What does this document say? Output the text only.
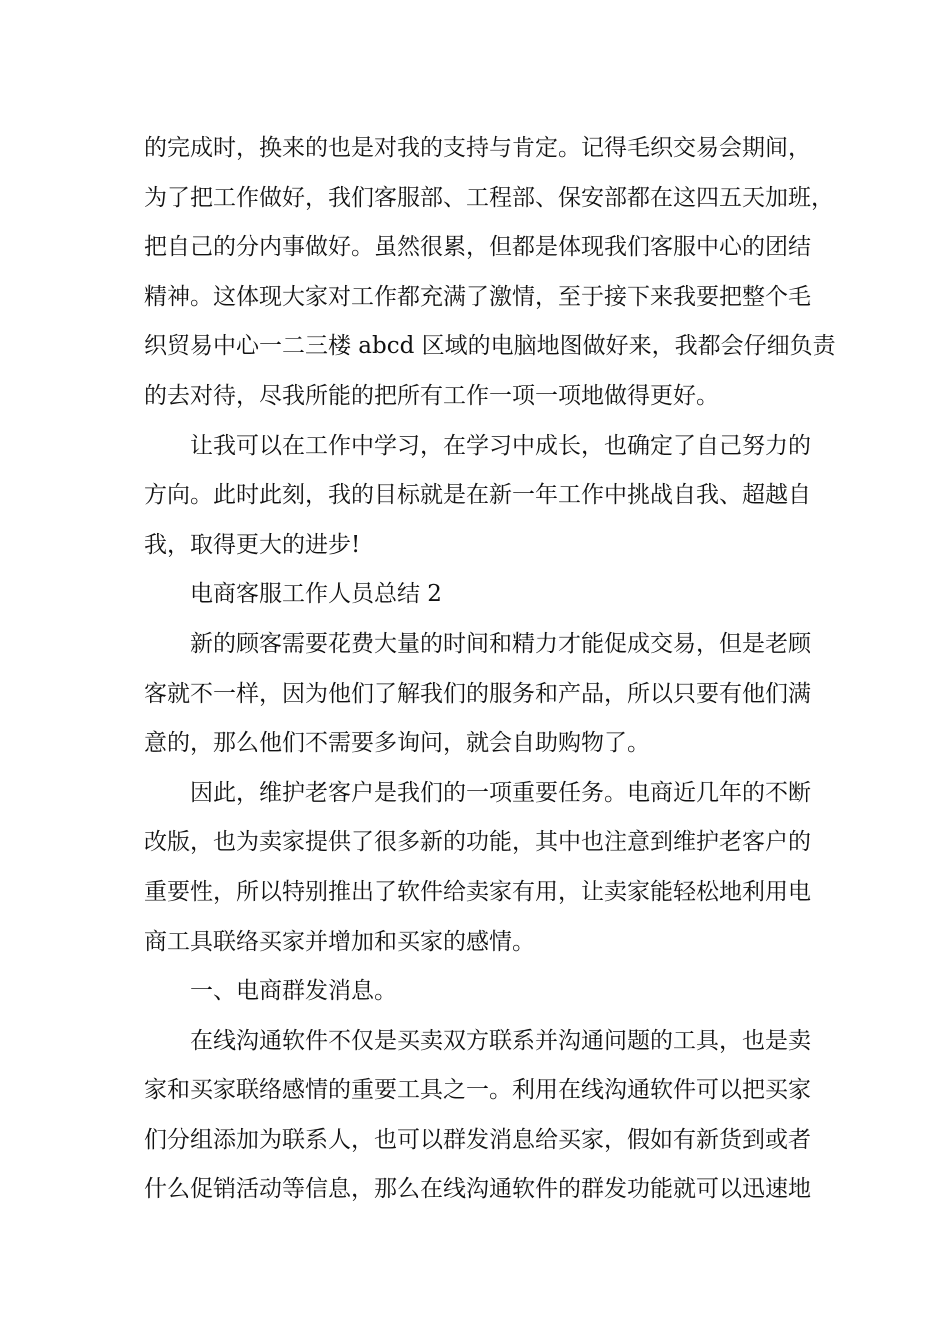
的完成时，换来的也是对我的支持与肯定。记得毛织交易会期间，
为了把工作做好，我们客服部、工程部、保安部都在这四五天加班，
把自己的分内事做好。虽然很累，但都是体现我们客服中心的团结
精神。这体现大家对工作都充满了激情，至于接下来我要把整个毛
织贸易中心一二三楼 abcd 区域的电脑地图做好来，我都会仔细负责
的去对待，尽我所能的把所有工作一项一项地做得更好。

让我可以在工作中学习，在学习中成长，也确定了自己努力的
方向。此时此刻，我的目标就是在新一年工作中挑战自我、超越自
我，取得更大的进步!

电商客服工作人员总结 2

新的顾客需要花费大量的时间和精力才能促成交易，但是老顾
客就不一样，因为他们了解我们的服务和产品，所以只要有他们满
意的，那么他们不需要多询问，就会自助购物了。

因此，维护老客户是我们的一项重要任务。电商近几年的不断
改版，也为卖家提供了很多新的功能，其中也注意到维护老客户的
重要性，所以特别推出了软件给卖家有用，让卖家能轻松地利用电
商工具联络买家并增加和买家的感情。

一、电商群发消息。

在线沟通软件不仅是买卖双方联系并沟通问题的工具，也是卖
家和买家联络感情的重要工具之一。利用在线沟通软件可以把买家
们分组添加为联系人，也可以群发消息给买家，假如有新货到或者
什么促销活动等信息，那么在线沟通软件的群发功能就可以迅速地
